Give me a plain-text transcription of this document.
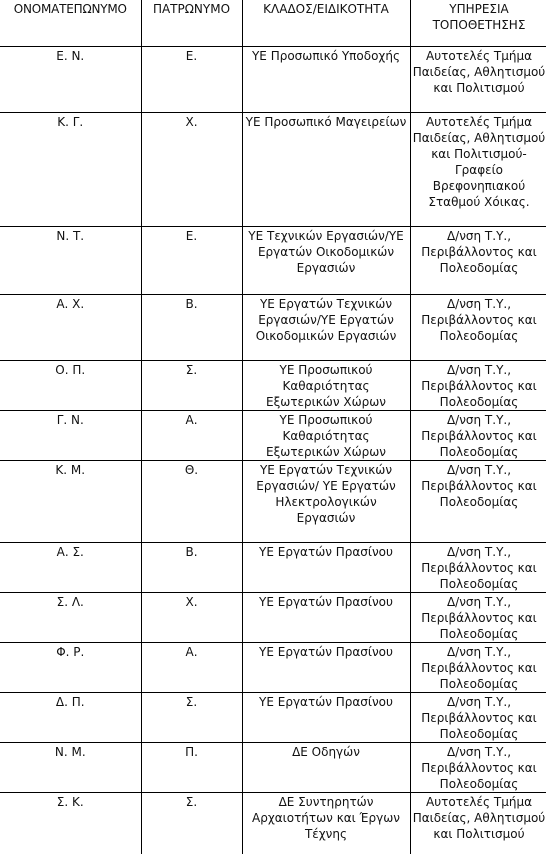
ΟΝΟΜΑΤΕΠΩΝΥΜΟ	ΠΑΤΡΩΝΥΜΟ	ΚΛΑΔΟΣ/ΕΙΔΙΚΟΤΗΤΑ	ΥΠΗΡΕΣΙΑ ΤΟΠΟΘΕΤΗΣΗΣ
Ε. Ν.	Ε.	ΥΕ Προσωπικό Υποδοχής	Αυτοτελές Τμήμα Παιδείας, Αθλητισμού και Πολιτισμού
Κ. Γ.	Χ.	ΥΕ Προσωπικό Μαγειρείων	Αυτοτελές Τμήμα Παιδείας, Αθλητισμού και Πολιτισμού- Γραφείο Βρεφονηπιακού Σταθμού Χόικας.
Ν. Τ.	Ε.	ΥΕ Τεχνικών Εργασιών/ΥΕ Εργατών Οικοδομικών Εργασιών	Δ/νση Τ.Υ., Περιβάλλοντος και Πολεοδομίας
Α. Χ.	Β.	ΥΕ Εργατών Τεχνικών Εργασιών/ΥΕ Εργατών Οικοδομικών Εργασιών	Δ/νση Τ.Υ., Περιβάλλοντος και Πολεοδομίας
Ο. Π.	Σ.	ΥΕ Προσωπικού Καθαριότητας Εξωτερικών Χώρων	Δ/νση Τ.Υ., Περιβάλλοντος και Πολεοδομίας
Γ. Ν.	Α.	ΥΕ Προσωπικού Καθαριότητας Εξωτερικών Χώρων	Δ/νση Τ.Υ., Περιβάλλοντος και Πολεοδομίας
Κ. Μ.	Θ.	ΥΕ Εργατών Τεχνικών Εργασιών/ ΥΕ Εργατών Ηλεκτρολογικών Εργασιών	Δ/νση Τ.Υ., Περιβάλλοντος και Πολεοδομίας
Α. Σ.	Β.	ΥΕ Εργατών Πρασίνου	Δ/νση Τ.Υ., Περιβάλλοντος και Πολεοδομίας
Σ. Λ.	Χ.	ΥΕ Εργατών Πρασίνου	Δ/νση Τ.Υ., Περιβάλλοντος και Πολεοδομίας
Φ. Ρ.	Α.	ΥΕ Εργατών Πρασίνου	Δ/νση Τ.Υ., Περιβάλλοντος και Πολεοδομίας
Δ. Π.	Σ.	ΥΕ Εργατών Πρασίνου	Δ/νση Τ.Υ., Περιβάλλοντος και Πολεοδομίας
Ν. Μ.	Π.	ΔΕ Οδηγών	Δ/νση Τ.Υ., Περιβάλλοντος και Πολεοδομίας
Σ. Κ.	Σ.	ΔΕ Συντηρητών Αρχαιοτήτων και Έργων Τέχνης	Αυτοτελές Τμήμα Παιδείας, Αθλητισμού και Πολιτισμού
